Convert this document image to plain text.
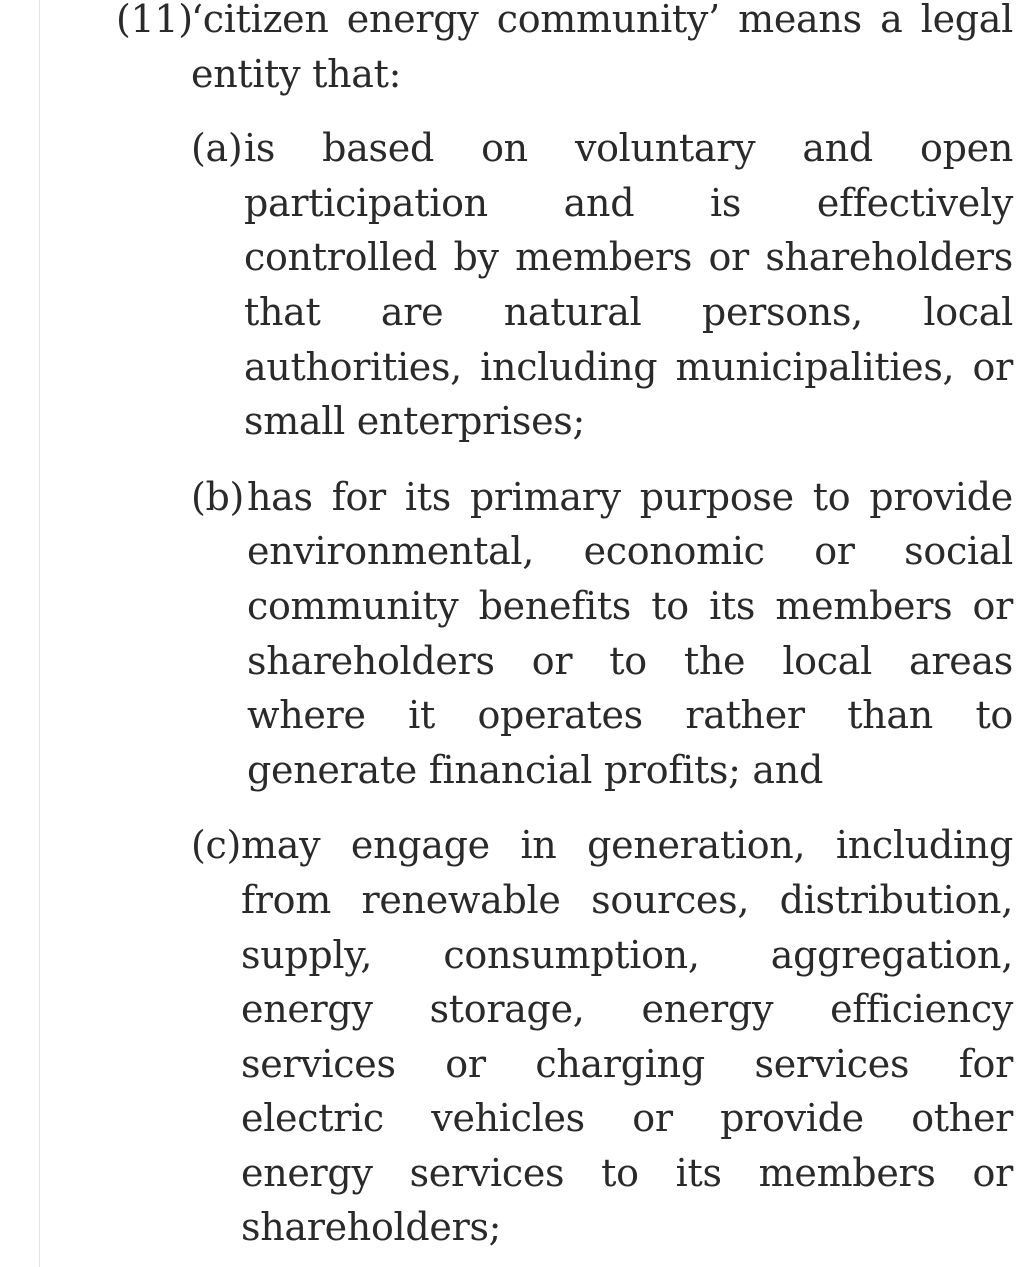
(11)
‘citizen energy community’ means a legal entity that:
(a) is based on voluntary and open participation and is effectively controlled by members or shareholders that are natural persons, local authorities, including municipalities, or small enterprises;
(b) has for its primary purpose to provide environmental, economic or social community benefits to its members or shareholders or to the local areas where it operates rather than to generate financial profits; and
(c) may engage in generation, including from renewable sources, distribution, supply, consumption, aggregation, energy storage, energy efficiency services or charging services for electric vehicles or provide other energy services to its members or shareholders;
